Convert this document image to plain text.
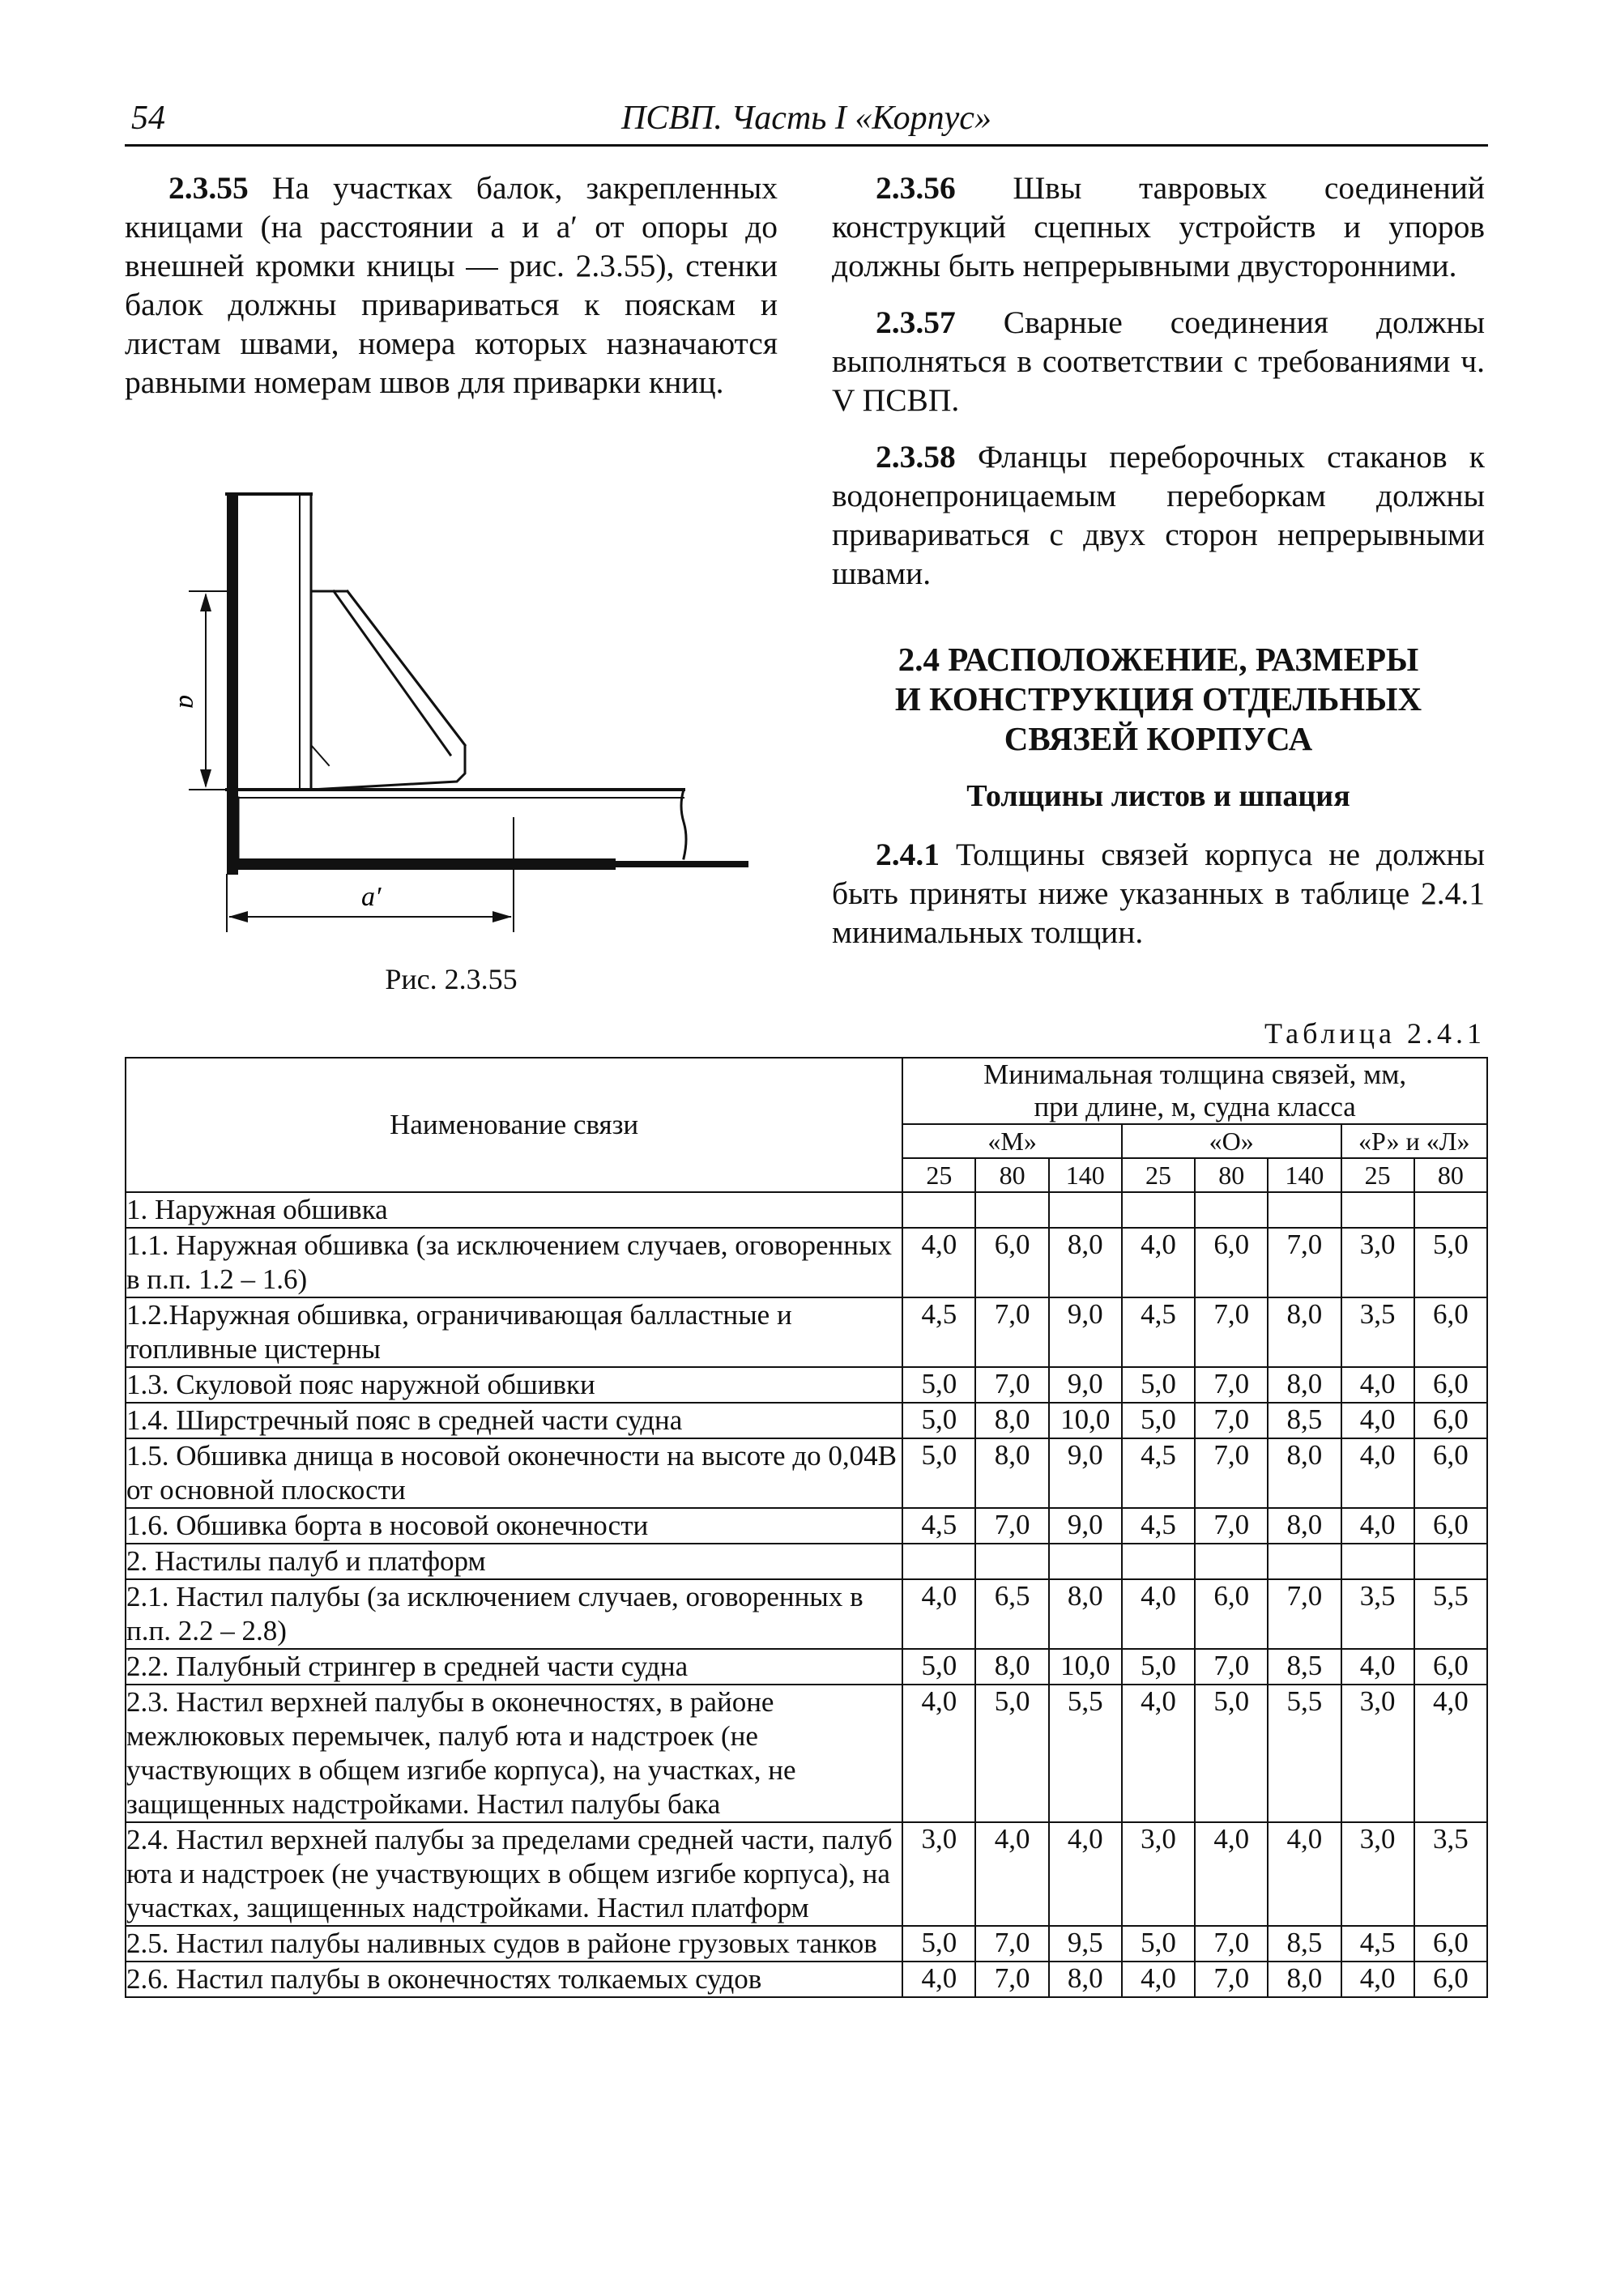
54	ПСВП. Часть I «Корпус»

2.3.55 На участках балок, закрепленных кницами (на расстоянии a и a′ от опоры до внешней кромки кницы — рис. 2.3.55), стенки балок должны привариваться к пояскам и листам швами, номера которых назначаются равными номерам швов для приварки книц.

a
a′
Рис. 2.3.55

2.3.56 Швы тавровых соединений конструкций сцепных устройств и упоров должны быть непрерывными двусторонними.

2.3.57 Сварные соединения должны выполняться в соответствии с требованиями ч. V ПСВП.

2.3.58 Фланцы переборочных стаканов к водонепроницаемым переборкам должны привариваться с двух сторон непрерывными швами.

2.4 РАСПОЛОЖЕНИЕ, РАЗМЕРЫ
И КОНСТРУКЦИЯ ОТДЕЛЬНЫХ
СВЯЗЕЙ КОРПУСА
Толщины листов и шпация

2.4.1 Толщины связей корпуса не должны быть приняты ниже указанных в таблице 2.4.1 минимальных толщин.

Таблица 2.4.1
Наименование связи	Минимальная толщина связей, мм,
при длине, м, судна класса							

	«М»			«О»			«Р» и «Л»	
	25	80	140	25	80	140	25	80
1. Наружная обшивка								
1.1. Наружная обшивка (за исключением случаев, оговоренных в п.п. 1.2 – 1.6)	4,0	6,0	8,0	4,0	6,0	7,0	3,0	5,0
1.2.Наружная обшивка, ограничивающая балластные и топливные цистерны	4,5	7,0	9,0	4,5	7,0	8,0	3,5	6,0
1.3. Скуловой пояс наружной обшивки	5,0	7,0	9,0	5,0	7,0	8,0	4,0	6,0
1.4. Ширстречный пояс в средней части судна	5,0	8,0	10,0	5,0	7,0	8,5	4,0	6,0
1.5. Обшивка днища в носовой оконечности на высоте до 0,04В от основной плоскости	5,0	8,0	9,0	4,5	7,0	8,0	4,0	6,0
1.6. Обшивка борта в носовой оконечности	4,5	7,0	9,0	4,5	7,0	8,0	4,0	6,0
2. Настилы палуб и платформ								
2.1. Настил палубы (за исключением случаев, оговоренных в п.п. 2.2 – 2.8)	4,0	6,5	8,0	4,0	6,0	7,0	3,5	5,5
2.2. Палубный стрингер в средней части судна	5,0	8,0	10,0	5,0	7,0	8,5	4,0	6,0
2.3. Настил верхней палубы в оконечностях, в районе межлюковых перемычек, палуб юта и надстроек (не участвующих в общем изгибе корпуса), на участках, не защищенных надстройками. Настил палубы бака	4,0	5,0	5,5	4,0	5,0	5,5	3,0	4,0
2.4. Настил верхней палубы за пределами средней части, палуб юта и надстроек (не участвующих в общем изгибе корпуса), на участках, защищенных надстройками. Настил платформ	3,0	4,0	4,0	3,0	4,0	4,0	3,0	3,5
2.5. Настил палубы наливных судов в районе грузовых танков	5,0	7,0	9,5	5,0	7,0	8,5	4,5	6,0
2.6. Настил палубы в оконечностях толкаемых судов	4,0	7,0	8,0	4,0	7,0	8,0	4,0	6,0
